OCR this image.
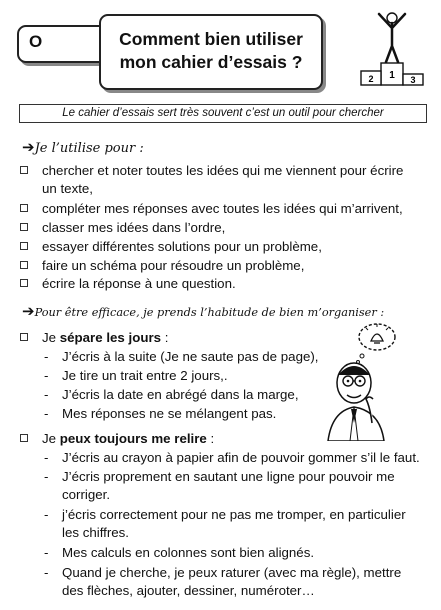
O	Comment bien utiliser
mon cahier d’essais ?
1
2	3
Le cahier d’essais sert très souvent c’est un outil pour chercher
➔Je l’utilise pour :
chercher et noter toutes les idées qui me viennent pour écrire
un texte,
compléter mes réponses avec toutes les idées qui m’arrivent,
classer mes idées dans l’ordre,
essayer différentes solutions pour un problème,
faire un schéma pour résoudre un problème,
écrire la réponse à une question.
➔Pour être efficace, je prends l’habitude de bien m’organiser :
Je sépare les jours :
- J’écris à la suite (Je ne saute pas de page),
- Je tire un trait entre 2 jours,.
- J’écris la date en abrégé dans la marge,
- Mes réponses ne se mélangent pas.
Je peux toujours me relire :
- J’écris au crayon à papier afin de pouvoir gommer s’il le faut.
- J’écris proprement en sautant une ligne pour pouvoir me
corriger.
- j’écris correctement pour ne pas me tromper, en particulier
les chiffres.
- Mes calculs en colonnes sont bien alignés.
- Quand je cherche, je peux raturer (avec ma règle), mettre
des flèches, ajouter, dessiner, numéroter…
